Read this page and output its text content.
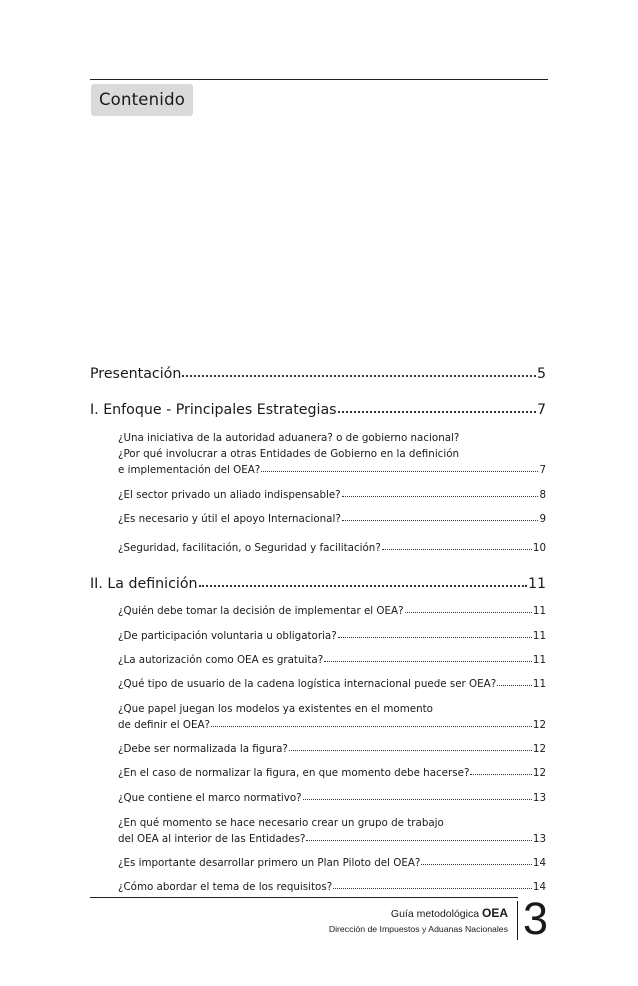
Contenido
Presentación	5
I. Enfoque - Principales Estrategias	7
¿Una iniciativa de la autoridad aduanera? o de gobierno nacional?
¿Por qué involucrar a otras Entidades de Gobierno en la definición
e implementación del OEA?	7
¿El sector privado un aliado indispensable?	8
¿Es necesario y útil el apoyo Internacional?	9
¿Seguridad, facilitación, o Seguridad y facilitación?	10
II. La definición	11
¿Quién debe tomar la decisión de implementar el OEA?	11
¿De participación voluntaria u obligatoria?	11
¿La autorización como OEA es gratuita?	11
¿Qué tipo de usuario de la cadena logística internacional puede ser OEA?	11
¿Que papel juegan los modelos ya existentes en el momento
de definir el OEA?	12
¿Debe ser normalizada la figura?	12
¿En el caso de normalizar la figura, en que momento debe hacerse?	12
¿Que contiene el marco normativo?	13
¿En qué momento se hace necesario crear un grupo de trabajo
del OEA al interior de las Entidades?	13
¿Es importante desarrollar primero un Plan Piloto del OEA?	14
¿Cómo abordar el tema de los requisitos?	14
Guía metodológica OEA
Dirección de Impuestos y Aduanas Nacionales 3
